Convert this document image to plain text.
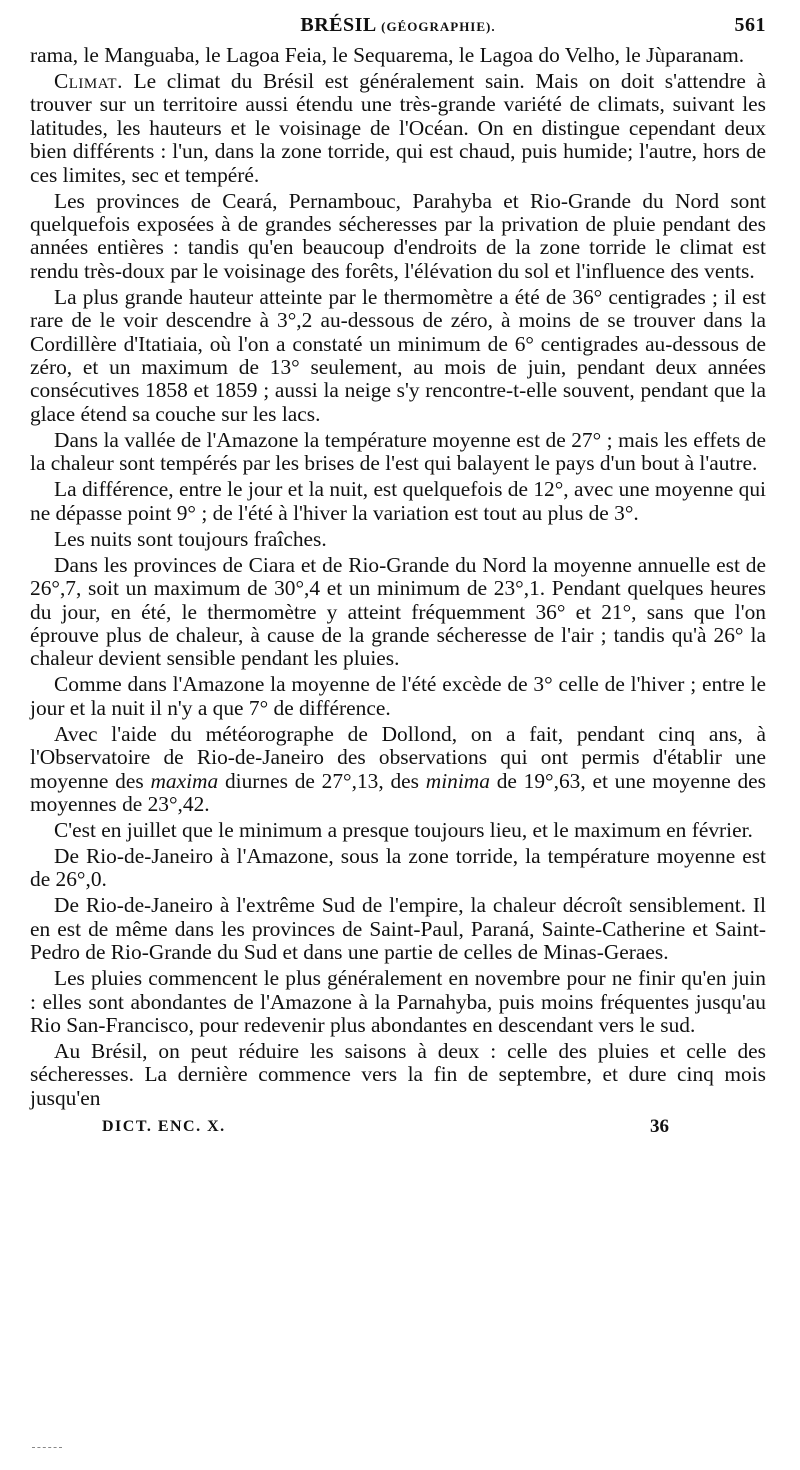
BRÉSIL (GÉOGRAPHIE).	561

rama, le Manguaba, le Lagoa Feia, le Sequarema, le Lagoa do Velho, le Jùparanam.

Climat. Le climat du Brésil est généralement sain. Mais on doit s'attendre à trouver sur un territoire aussi étendu une très-grande variété de climats, suivant les latitudes, les hauteurs et le voisinage de l'Océan. On en distingue cependant deux bien différents : l'un, dans la zone torride, qui est chaud, puis humide; l'autre, hors de ces limites, sec et tempéré.

Les provinces de Ceará, Pernambouc, Parahyba et Rio-Grande du Nord sont quelquefois exposées à de grandes sécheresses par la privation de pluie pendant des années entières : tandis qu'en beaucoup d'endroits de la zone torride le climat est rendu très-doux par le voisinage des forêts, l'élévation du sol et l'influence des vents.

La plus grande hauteur atteinte par le thermomètre a été de 36° centigrades ; il est rare de le voir descendre à 3°,2 au-dessous de zéro, à moins de se trouver dans la Cordillère d'Itatiaia, où l'on a constaté un minimum de 6° centigrades au-dessous de zéro, et un maximum de 13° seulement, au mois de juin, pendant deux années consécutives 1858 et 1859 ; aussi la neige s'y rencontre-t-elle souvent, pendant que la glace étend sa couche sur les lacs.

Dans la vallée de l'Amazone la température moyenne est de 27° ; mais les effets de la chaleur sont tempérés par les brises de l'est qui balayent le pays d'un bout à l'autre.

La différence, entre le jour et la nuit, est quelquefois de 12°, avec une moyenne qui ne dépasse point 9° ; de l'été à l'hiver la variation est tout au plus de 3°.

Les nuits sont toujours fraîches.

Dans les provinces de Ciara et de Rio-Grande du Nord la moyenne annuelle est de 26°,7, soit un maximum de 30°,4 et un minimum de 23°,1. Pendant quelques heures du jour, en été, le thermomètre y atteint fréquemment 36° et 21°, sans que l'on éprouve plus de chaleur, à cause de la grande sécheresse de l'air ; tandis qu'à 26° la chaleur devient sensible pendant les pluies.

Comme dans l'Amazone la moyenne de l'été excède de 3° celle de l'hiver ; entre le jour et la nuit il n'y a que 7° de différence.

Avec l'aide du météorographe de Dollond, on a fait, pendant cinq ans, à l'Observatoire de Rio-de-Janeiro des observations qui ont permis d'établir une moyenne des maxima diurnes de 27°,13, des minima de 19°,63, et une moyenne des moyennes de 23°,42.

C'est en juillet que le minimum a presque toujours lieu, et le maximum en février.

De Rio-de-Janeiro à l'Amazone, sous la zone torride, la température moyenne est de 26°,0.

De Rio-de-Janeiro à l'extrême Sud de l'empire, la chaleur décroît sensiblement. Il en est de même dans les provinces de Saint-Paul, Paraná, Sainte-Catherine et Saint-Pedro de Rio-Grande du Sud et dans une partie de celles de Minas-Geraes.

Les pluies commencent le plus généralement en novembre pour ne finir qu'en juin : elles sont abondantes de l'Amazone à la Parnahyba, puis moins fréquentes jusqu'au Rio San-Francisco, pour redevenir plus abondantes en descendant vers le sud.

Au Brésil, on peut réduire les saisons à deux : celle des pluies et celle des sécheresses. La dernière commence vers la fin de septembre, et dure cinq mois jusqu'en

DICT. ENC. X.	36
